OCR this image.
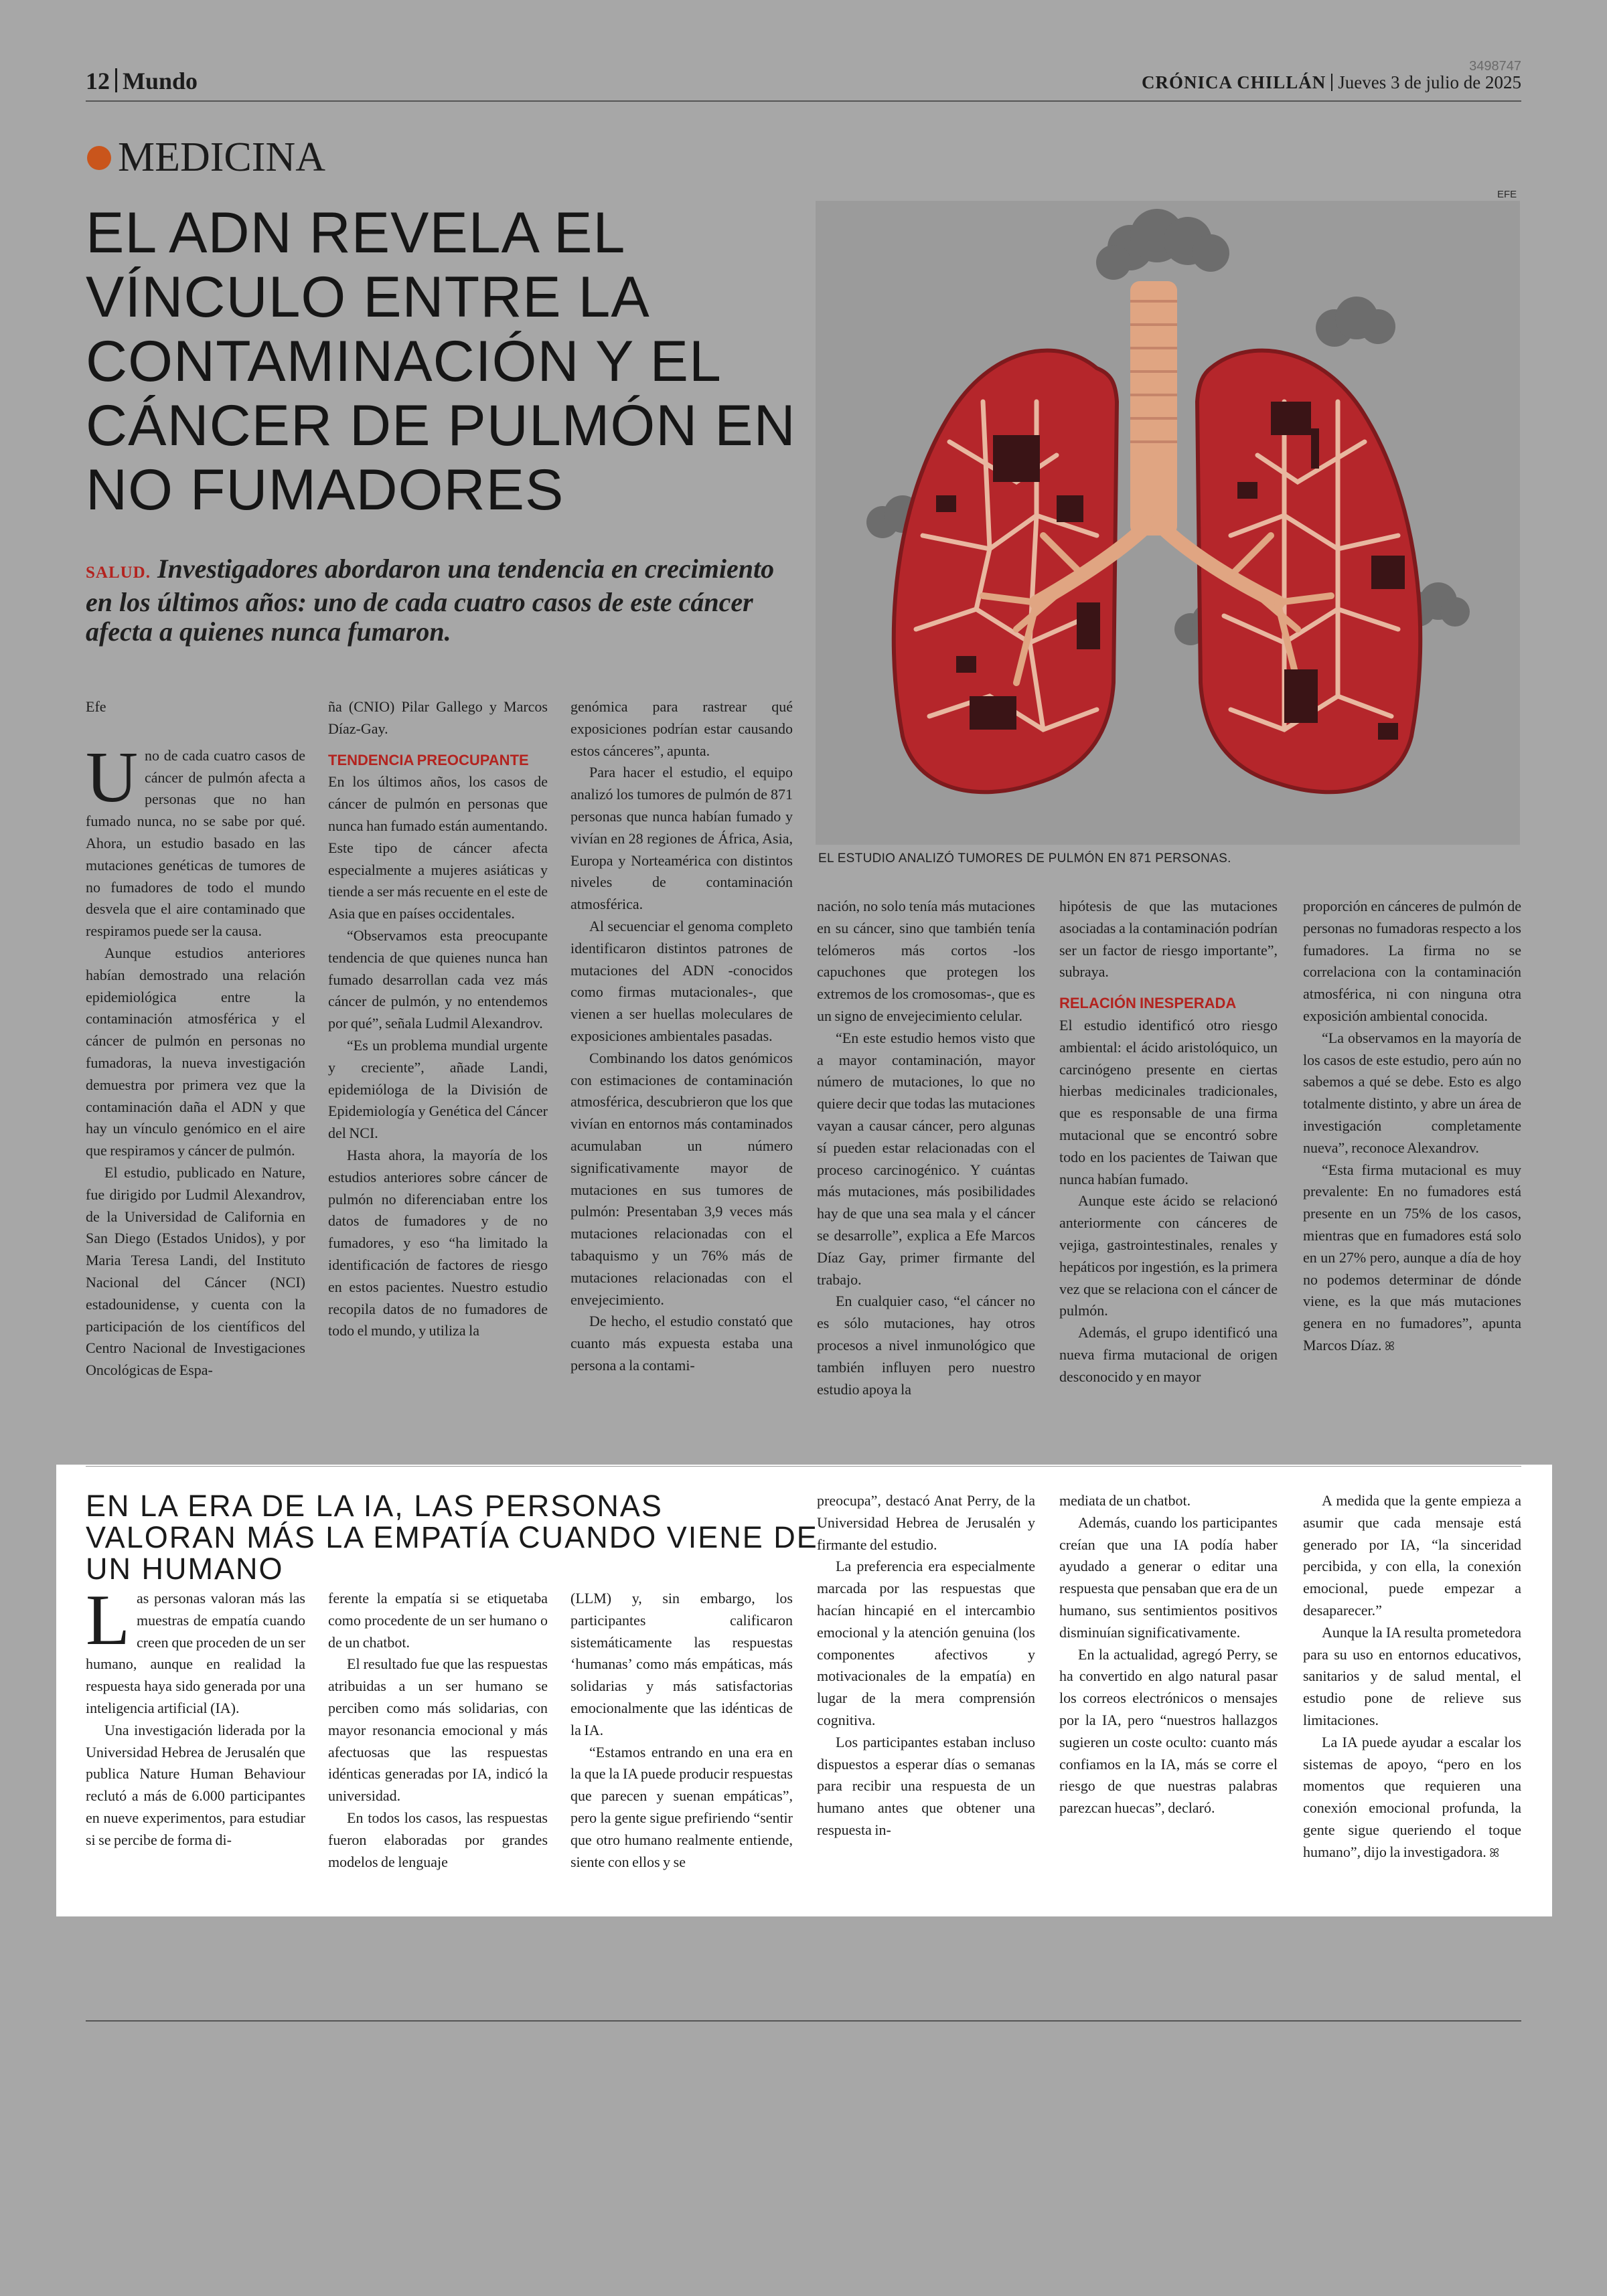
12 Mundo
3498747
CRÓNICA CHILLÁN Jueves 3 de julio de 2025
MEDICINA
EL ADN REVELA EL VÍNCULO ENTRE LA CONTAMINACIÓN Y EL CÁNCER DE PULMÓN EN NO FUMADORES
SALUD. Investigadores abordaron una tendencia en crecimiento en los últimos años: uno de cada cuatro casos de este cáncer afecta a quienes nunca fumaron.
EFE
EL ESTUDIO ANALIZÓ TUMORES DE PULMÓN EN 871 PERSONAS.

Efe

Uno de cada cuatro casos de cáncer de pulmón afecta a personas que no han fumado nunca, no se sabe por qué. Ahora, un estudio basado en las mutaciones genéticas de tumores de no fumadores de todo el mundo desvela que el aire contaminado que respiramos puede ser la causa.

Aunque estudios anteriores habían demostrado una relación epidemiológica entre la contaminación atmosférica y el cáncer de pulmón en personas no fumadoras, la nueva investigación demuestra por primera vez que la contaminación daña el ADN y que hay un vínculo genómico en el aire que respiramos y cáncer de pulmón.

El estudio, publicado en Nature, fue dirigido por Ludmil Alexandrov, de la Universidad de California en San Diego (Estados Unidos), y por Maria Teresa Landi, del Instituto Nacional del Cáncer (NCI) estadounidense, y cuenta con la participación de los científicos del Centro Nacional de Investigaciones Oncológicas de Espa-

ña (CNIO) Pilar Gallego y Marcos Díaz-Gay.

TENDENCIA PREOCUPANTE

En los últimos años, los casos de cáncer de pulmón en personas que nunca han fumado están aumentando. Este tipo de cáncer afecta especialmente a mujeres asiáticas y tiende a ser más recuente en el este de Asia que en países occidentales.

“Observamos esta preocupante tendencia de que quienes nunca han fumado desarrollan cada vez más cáncer de pulmón, y no entendemos por qué”, señala Ludmil Alexandrov.

“Es un problema mundial urgente y creciente”, añade Landi, epidemióloga de la División de Epidemiología y Genética del Cáncer del NCI.

Hasta ahora, la mayoría de los estudios anteriores sobre cáncer de pulmón no diferenciaban entre los datos de fumadores y de no fumadores, y eso “ha limitado la identificación de factores de riesgo en estos pacientes. Nuestro estudio recopila datos de no fumadores de todo el mundo, y utiliza la

genómica para rastrear qué exposiciones podrían estar causando estos cánceres”, apunta.

Para hacer el estudio, el equipo analizó los tumores de pulmón de 871 personas que nunca habían fumado y vivían en 28 regiones de África, Asia, Europa y Norteamérica con distintos niveles de contaminación atmosférica.

Al secuenciar el genoma completo identificaron distintos patrones de mutaciones del ADN -conocidos como firmas mutacionales-, que vienen a ser huellas moleculares de exposiciones ambientales pasadas.

Combinando los datos genómicos con estimaciones de contaminación atmosférica, descubrieron que los que vivían en entornos más contaminados acumulaban un número significativamente mayor de mutaciones en sus tumores de pulmón: Presentaban 3,9 veces más mutaciones relacionadas con el tabaquismo y un 76% más de mutaciones relacionadas con el envejecimiento.

De hecho, el estudio constató que cuanto más expuesta estaba una persona a la contami-

nación, no solo tenía más mutaciones en su cáncer, sino que también tenía telómeros más cortos -los capuchones que protegen los extremos de los cromosomas-, que es un signo de envejecimiento celular.

“En este estudio hemos visto que a mayor contaminación, mayor número de mutaciones, lo que no quiere decir que todas las mutaciones vayan a causar cáncer, pero algunas sí pueden estar relacionadas con el proceso carcinogénico. Y cuántas más mutaciones, más posibilidades hay de que una sea mala y el cáncer se desarrolle”, explica a Efe Marcos Díaz Gay, primer firmante del trabajo.

En cualquier caso, “el cáncer no es sólo mutaciones, hay otros procesos a nivel inmunológico que también influyen pero nuestro estudio apoya la

hipótesis de que las mutaciones asociadas a la contaminación podrían ser un factor de riesgo importante”, subraya.

RELACIÓN INESPERADA

El estudio identificó otro riesgo ambiental: el ácido aristolóquico, un carcinógeno presente en ciertas hierbas medicinales tradicionales, que es responsable de una firma mutacional que se encontró sobre todo en los pacientes de Taiwan que nunca habían fumado.

Aunque este ácido se relacionó anteriormente con cánceres de vejiga, gastrointestinales, renales y hepáticos por ingestión, es la primera vez que se relaciona con el cáncer de pulmón.

Además, el grupo identificó una nueva firma mutacional de origen desconocido y en mayor

proporción en cánceres de pulmón de personas no fumadoras respecto a los fumadores. La firma no se correlaciona con la contaminación atmosférica, ni con ninguna otra exposición ambiental conocida.

“La observamos en la mayoría de los casos de este estudio, pero aún no sabemos a qué se debe. Esto es algo totalmente distinto, y abre un área de investigación completamente nueva”, reconoce Alexandrov.

“Esta firma mutacional es muy prevalente: En no fumadores está presente en un 75% de los casos, mientras que en fumadores está solo en un 27% pero, aunque a día de hoy no podemos determinar de dónde viene, es la que más mutaciones genera en no fumadores”, apunta Marcos Díaz. ꕤ

EN LA ERA DE LA IA, LAS PERSONAS VALORAN MÁS LA EMPATÍA CUANDO VIENE DE UN HUMANO

Las personas valoran más las muestras de empatía cuando creen que proceden de un ser humano, aunque en realidad la respuesta haya sido generada por una inteligencia artificial (IA).

Una investigación liderada por la Universidad Hebrea de Jerusalén que publica Nature Human Behaviour reclutó a más de 6.000 participantes en nueve experimentos, para estudiar si se percibe de forma di-

ferente la empatía si se etiquetaba como procedente de un ser humano o de un chatbot.

El resultado fue que las respuestas atribuidas a un ser humano se perciben como más solidarias, con mayor resonancia emocional y más afectuosas que las respuestas idénticas generadas por IA, indicó la universidad.

En todos los casos, las respuestas fueron elaboradas por grandes modelos de lenguaje

(LLM) y, sin embargo, los participantes calificaron sistemáticamente las respuestas ‘humanas’ como más empáticas, más solidarias y más satisfactorias emocionalmente que las idénticas de la IA.

“Estamos entrando en una era en la que la IA puede producir respuestas que parecen y suenan empáticas”, pero la gente sigue prefiriendo “sentir que otro humano realmente entiende, siente con ellos y se

preocupa”, destacó Anat Perry, de la Universidad Hebrea de Jerusalén y firmante del estudio.

La preferencia era especialmente marcada por las respuestas que hacían hincapié en el intercambio emocional y la atención genuina (los componentes afectivos y motivacionales de la empatía) en lugar de la mera comprensión cognitiva.

Los participantes estaban incluso dispuestos a esperar días o semanas para recibir una respuesta de un humano antes que obtener una respuesta in-

mediata de un chatbot.

Además, cuando los participantes creían que una IA podía haber ayudado a generar o editar una respuesta que pensaban que era de un humano, sus sentimientos positivos disminuían significativamente.

En la actualidad, agregó Perry, se ha convertido en algo natural pasar los correos electrónicos o mensajes por la IA, pero “nuestros hallazgos sugieren un coste oculto: cuanto más confiamos en la IA, más se corre el riesgo de que nuestras palabras parezcan huecas”, declaró.

A medida que la gente empieza a asumir que cada mensaje está generado por IA, “la sinceridad percibida, y con ella, la conexión emocional, puede empezar a desaparecer.”

Aunque la IA resulta prometedora para su uso en entornos educativos, sanitarios y de salud mental, el estudio pone de relieve sus limitaciones.

La IA puede ayudar a escalar los sistemas de apoyo, “pero en los momentos que requieren una conexión emocional profunda, la gente sigue queriendo el toque humano”, dijo la investigadora. ꕤ
